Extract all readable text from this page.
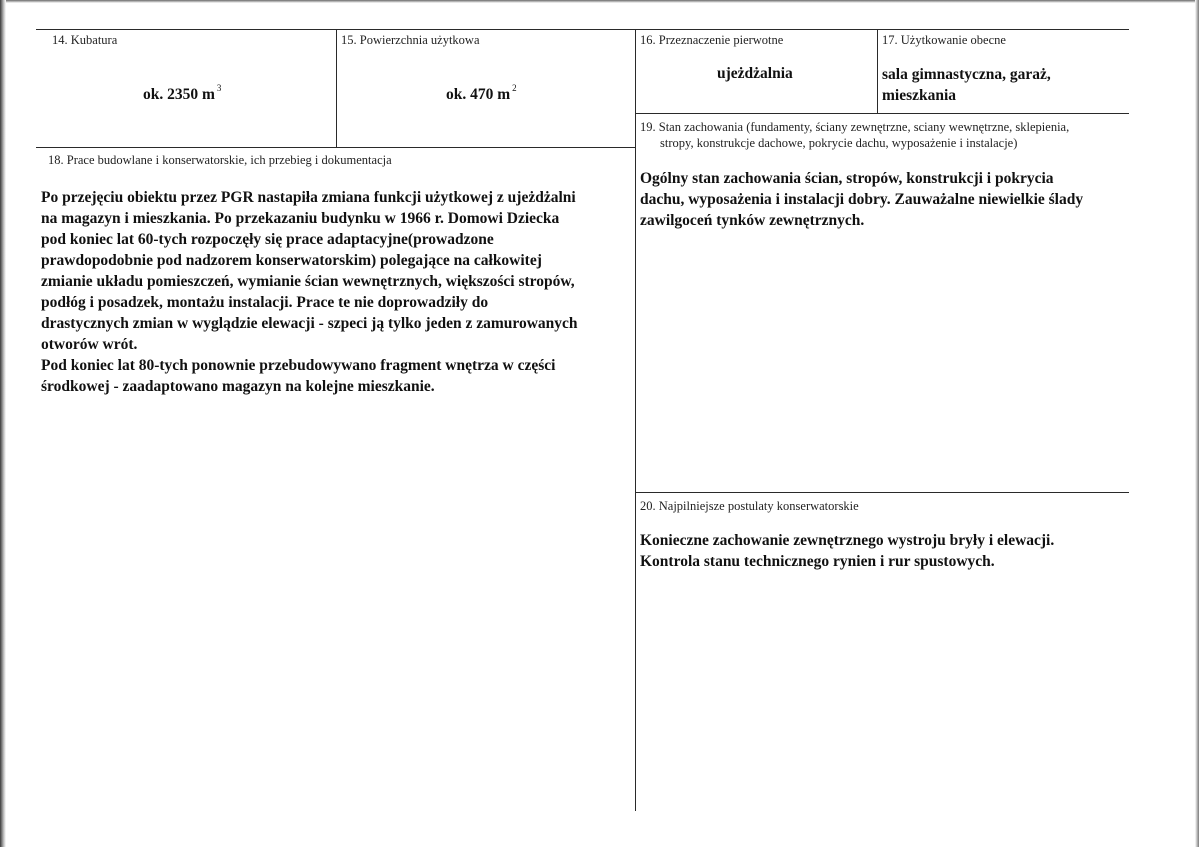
14. Kubatura
ok. 2350 m $^3$
15. Powierzchnia użytkowa
ok. 470 m $^2$
16. Przeznaczenie pierwotne
ujeżdżalnia
17. Użytkowanie obecne
sala gimnastyczna, garaż,
mieszkania
18. Prace budowlane i konserwatorskie, ich przebieg i dokumentacja
Po przejęciu obiektu przez PGR nastapiła zmiana funkcji użytkowej z ujeżdżalni
na magazyn i mieszkania. Po przekazaniu budynku w 1966 r. Domowi Dziecka
pod koniec lat 60-tych rozpoczęły się prace adaptacyjne(prowadzone
prawdopodobnie pod nadzorem konserwatorskim) polegające na całkowitej
zmianie układu pomieszczeń, wymianie ścian wewnętrznych, większości stropów,
podłóg i posadzek, montażu instalacji. Prace te nie doprowadziły do
drastycznych zmian w wyglądzie elewacji - szpeci ją tylko jeden z zamurowanych
otworów wrót.
Pod koniec lat 80-tych ponownie przebudowywano fragment wnętrza w części
środkowej - zaadaptowano magazyn na kolejne mieszkanie.
19. Stan zachowania (fundamenty, ściany zewnętrzne, sciany wewnętrzne, sklepienia,
stropy, konstrukcje dachowe, pokrycie dachu, wyposażenie i instalacje)
Ogólny stan zachowania ścian, stropów, konstrukcji i pokrycia
dachu, wyposażenia i instalacji dobry. Zauważalne niewielkie ślady
zawilgoceń tynków zewnętrznych.
20. Najpilniejsze postulaty konserwatorskie
Konieczne zachowanie zewnętrznego wystroju bryły i elewacji.
Kontrola stanu technicznego rynien i rur spustowych.
